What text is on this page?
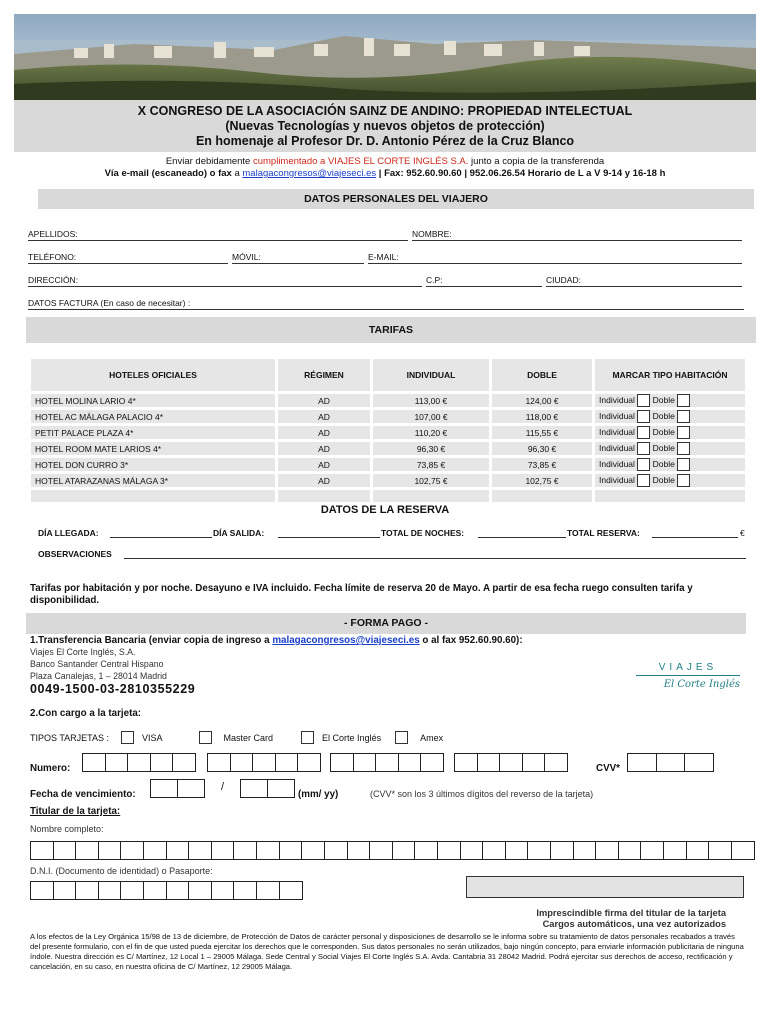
X CONGRESO DE LA ASOCIACIÓN SAINZ DE ANDINO: PROPIEDAD INTELECTUAL
(Nuevas Tecnologías y nuevos objetos de protección)
En homenaje al Profesor Dr. D. Antonio Pérez de la Cruz Blanco
Enviar debidamente cumplimentado a VIAJES EL CORTE INGLÉS S.A. junto a copia de la transferenda
Vía e-mail (escaneado) o fax a malagacongresos@viajeseci.es | Fax: 952.60.90.60 | 952.06.26.54 Horario de L a V 9-14 y 16-18 h
DATOS PERSONALES DEL VIAJERO
APELLIDOS:	NOMBRE:
TELÉFONO:	MÓVIL:	E-MAIL:
DIRECCIÓN:	C.P:	CIUDAD:
DATOS FACTURA (En caso de necesitar) :
TARIFAS
HOTELES OFICIALES	RÉGIMEN	INDIVIDUAL	DOBLE	MARCAR TIPO HABITACIÓN
HOTEL MOLINA LARIO 4*	AD	113,00 €	124,00 €	Individual Doble
HOTEL AC MÁLAGA PALACIO 4*	AD	107,00 €	118,00 €	Individual Doble
PETIT PALACE PLAZA 4*	AD	110,20 €	115,55 €	Individual Doble
HOTEL ROOM MATE LARIOS 4*	AD	96,30 €	96,30 €	Individual Doble
HOTEL DON CURRO 3*	AD	73,85 €	73,85 €	Individual Doble
HOTEL ATARAZANAS MÁLAGA 3*	AD	102,75 €	102,75 €	Individual Doble

DATOS DE LA RESERVA
DÍA LLEGADA:	DÍA SALIDA:	TOTAL DE NOCHES:	TOTAL RESERVA:	€
OBSERVACIONES
Tarifas por habitación y por noche. Desayuno e IVA incluido. Fecha límite de reserva 20 de Mayo. A partir de esa fecha ruego consulten tarifa y disponibilidad.
- FORMA PAGO -
1.Transferencia Bancaria (enviar copia de ingreso a malagacongresos@viajeseci.es o al fax 952.60.90.60):
Viajes El Corte Inglés, S.A.
Banco Santander Central Hispano
Plaza Canalejas, 1 – 28014 Madrid
0049-1500-03-2810355229
VIAJES
El Corte Inglés
2.Con cargo a la tarjeta:
TIPOS TARJETAS :	VISA	Master Card	El Corte Inglés	Amex
Numero:	CVV*
Fecha de vencimiento:
/
(mm/ yy)	(CVV* son los 3 últimos dígitos del reverso de la tarjeta)
Titular de la tarjeta:
Nombre completo:
D.N.I. (Documento de identidad) o Pasaporte:
Imprescindible firma del titular de la tarjeta
Cargos automáticos, una vez autorizados
A los efectos de la Ley Orgánica 15/98 de 13 de diciembre, de Protección de Datos de carácter personal y disposiciones de desarrollo se le informa sobre su tratamiento de datos personales recabados a través del presente formulario, con el fin de que usted pueda ejercitar los derechos que le corresponden. Sus datos personales no serán utilizados, bajo ningún concepto, para enviarle información publicitaria de ninguna índole. Nuestra dirección es C/ Martínez, 12 Local 1 – 29005 Málaga. Sede Central y Social Viajes El Corte Inglés S.A. Avda. Cantabria 31 28042 Madrid. Podrá ejercitar sus derechos de acceso, rectificación y cancelación, en su caso, en nuestra oficina de C/ Martínez, 12 29005 Málaga.
